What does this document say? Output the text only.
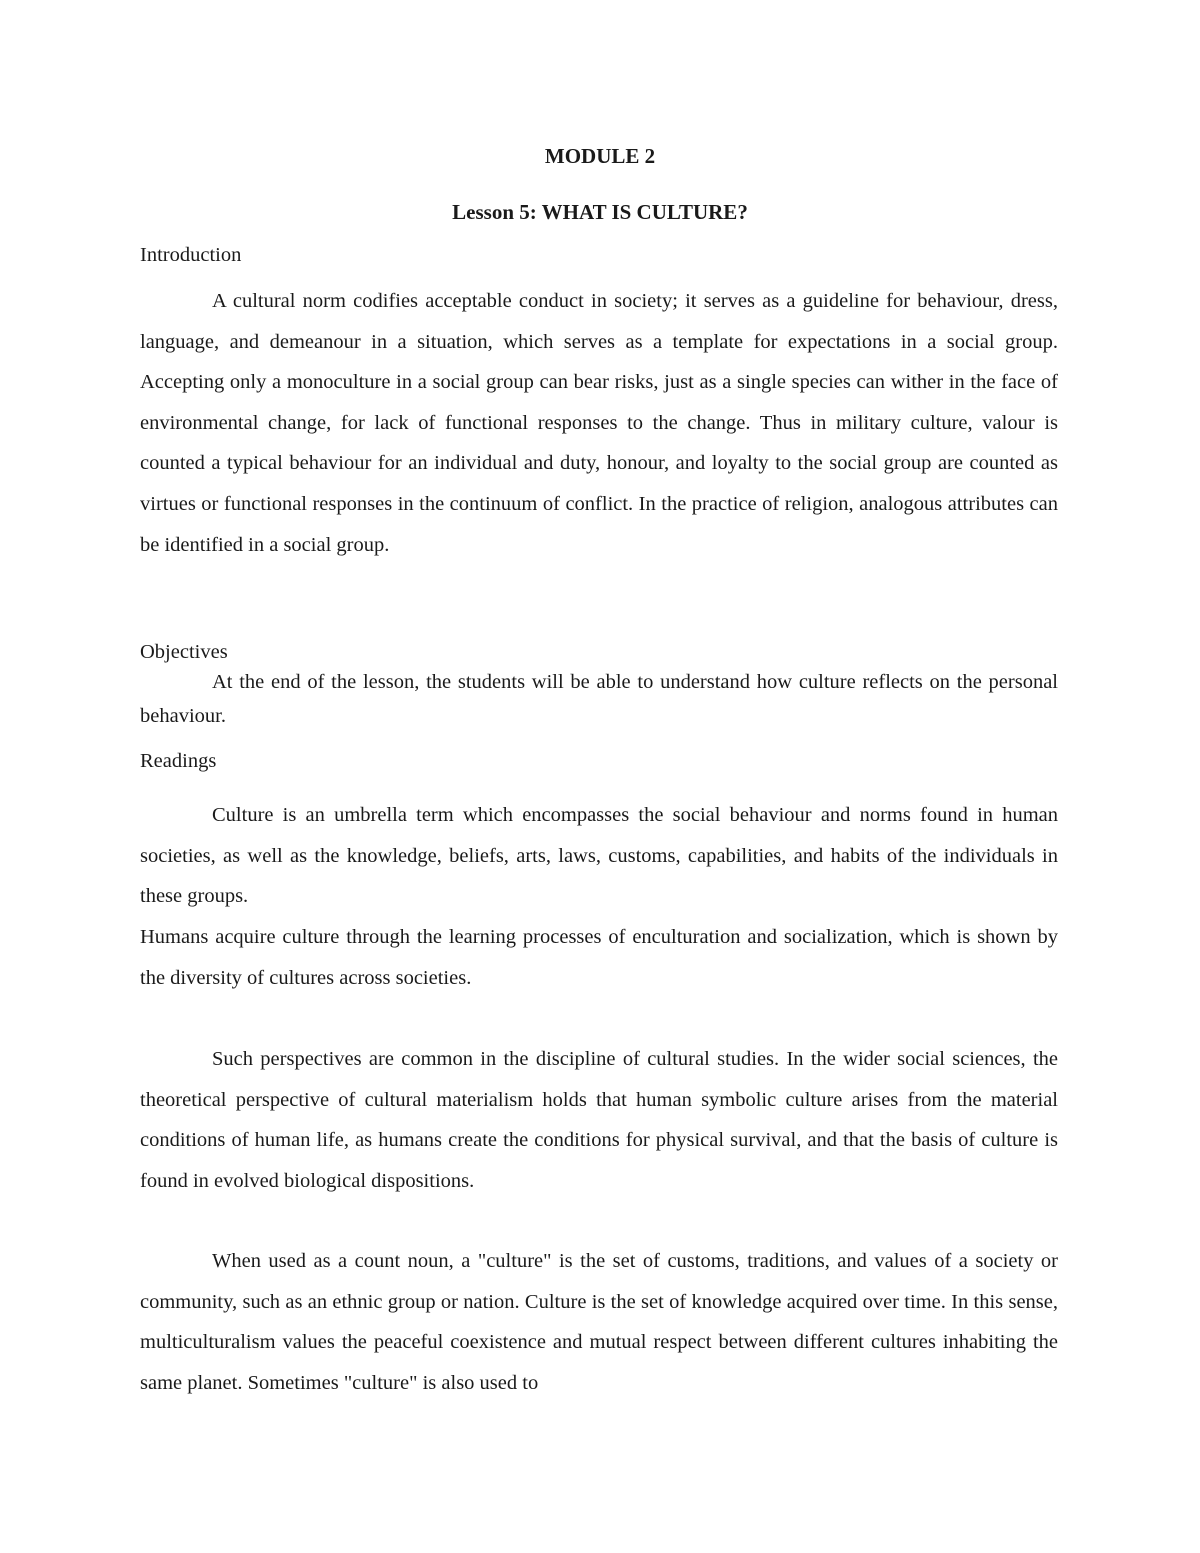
MODULE 2
Lesson 5: WHAT IS CULTURE?
Introduction

A cultural norm codifies acceptable conduct in society; it serves as a guideline for behaviour, dress, language, and demeanour in a situation, which serves as a template for expectations in a social group. Accepting only a monoculture in a social group can bear risks, just as a single species can wither in the face of environmental change, for lack of functional responses to the change. Thus in military culture, valour is counted a typical behaviour for an individual and duty, honour, and loyalty to the social group are counted as virtues or functional responses in the continuum of conflict. In the practice of religion, analogous attributes can be identified in a social group.

Objectives

At the end of the lesson, the students will be able to understand how culture reflects on the personal behaviour.

Readings

Culture is an umbrella term which encompasses the social behaviour and norms found in human societies, as well as the knowledge, beliefs, arts, laws, customs, capabilities, and habits of the individuals in these groups.

Humans acquire culture through the learning processes of enculturation and socialization, which is shown by the diversity of cultures across societies.

Such perspectives are common in the discipline of cultural studies. In the wider social sciences, the theoretical perspective of cultural materialism holds that human symbolic culture arises from the material conditions of human life, as humans create the conditions for physical survival, and that the basis of culture is found in evolved biological dispositions.

When used as a count noun, a "culture" is the set of customs, traditions, and values of a society or community, such as an ethnic group or nation. Culture is the set of knowledge acquired over time. In this sense, multiculturalism values the peaceful coexistence and mutual respect between different cultures inhabiting the same planet. Sometimes "culture" is also used to
